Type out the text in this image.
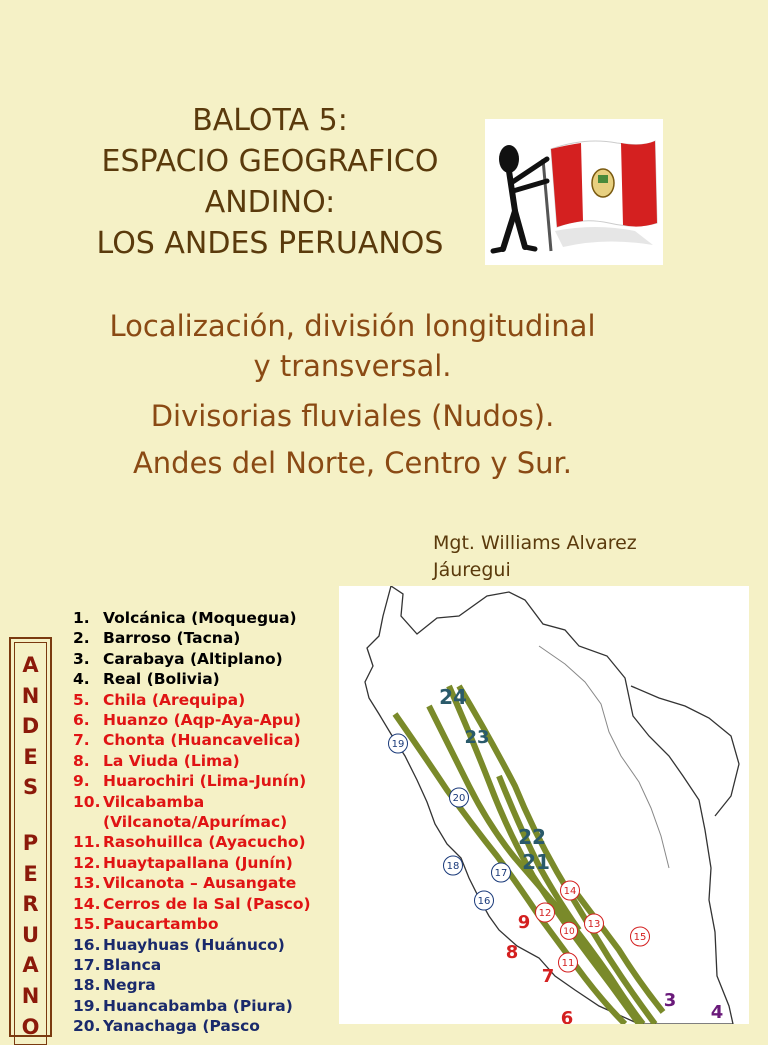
BALOTA 5:
ESPACIO GEOGRAFICO
ANDINO:
LOS ANDES PERUANOS
Localización, división longitudinal
y transversal.
Divisorias fluviales (Nudos).
Andes del Norte, Centro y Sur.
Mgt. Williams Alvarez
Jáuregui
A
N
D
E
S
P
E
R
U
A
N
O
1. Volcánica (Moquegua)
2. Barroso (Tacna)
3. Carabaya (Altiplano)
4. Real (Bolivia)
5. Chila (Arequipa)
6. Huanzo (Aqp-Aya-Apu)
7. Chonta (Huancavelica)
8. La Viuda (Lima)
9. Huarochiri (Lima-Junín)
10. Vilcabamba
(Vilcanota/Apurímac)
11. Rasohuillca (Ayacucho)
12. Huaytapallana (Junín)
13. Vilcanota – Ausangate
14. Cerros de la Sal (Pasco)
15. Paucartambo
16. Huayhuas (Huánuco)
17. Blanca
18. Negra
19. Huancabamba (Piura)
20. Yanachaga (Pasco
24
23
22
21
9
8
7
6
3
4
19
20
18
17
16
14
12
13
10	15
11
